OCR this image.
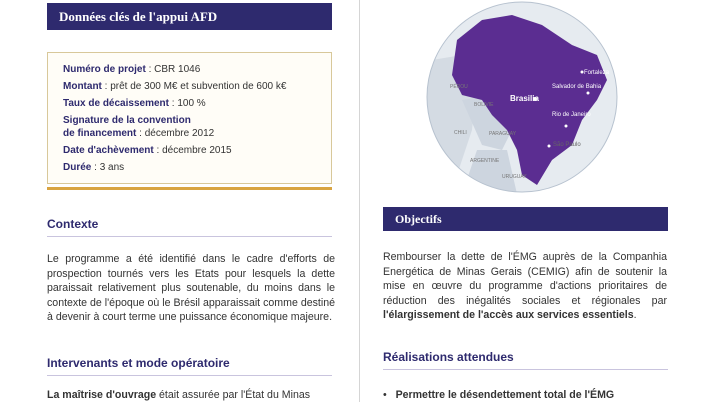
Données clés de l'appui AFD
Numéro de projet : CBR 1046
Montant : prêt de 300 M€ et subvention de 600 k€
Taux de décaissement : 100 %
Signature de la convention
de financement : décembre 2012
Date d'achèvement : décembre 2015
Durée : 3 ans
Contexte
Le programme a été identifié dans le cadre d'efforts de prospection tournés vers les Etats pour lesquels la dette paraissait relativement plus soutenable, du moins dans le contexte de l'époque où le Brésil apparaissait comme destiné à devenir à court terme une puissance économique majeure.
Intervenants et mode opératoire
La maîtrise d'ouvrage était assurée par l'État du Minas
Fortaleza
Salvador de Bahia
Brasilia
Rio de Janeiro
São Paulo
PÉROU
BOLIVIE
CHILI	PARAGUAY
ARGENTINE
URUGUAY
Objectifs
Rembourser la dette de l'ÉMG auprès de la Companhia Energética de Minas Gerais (CEMIG) afin de soutenir la mise en œuvre du programme d'actions prioritaires de réduction des inégalités sociales et régionales par l'élargissement de l'accès aux services essentiels.
Réalisations attendues
• Permettre le désendettement total de l'ÉMG
